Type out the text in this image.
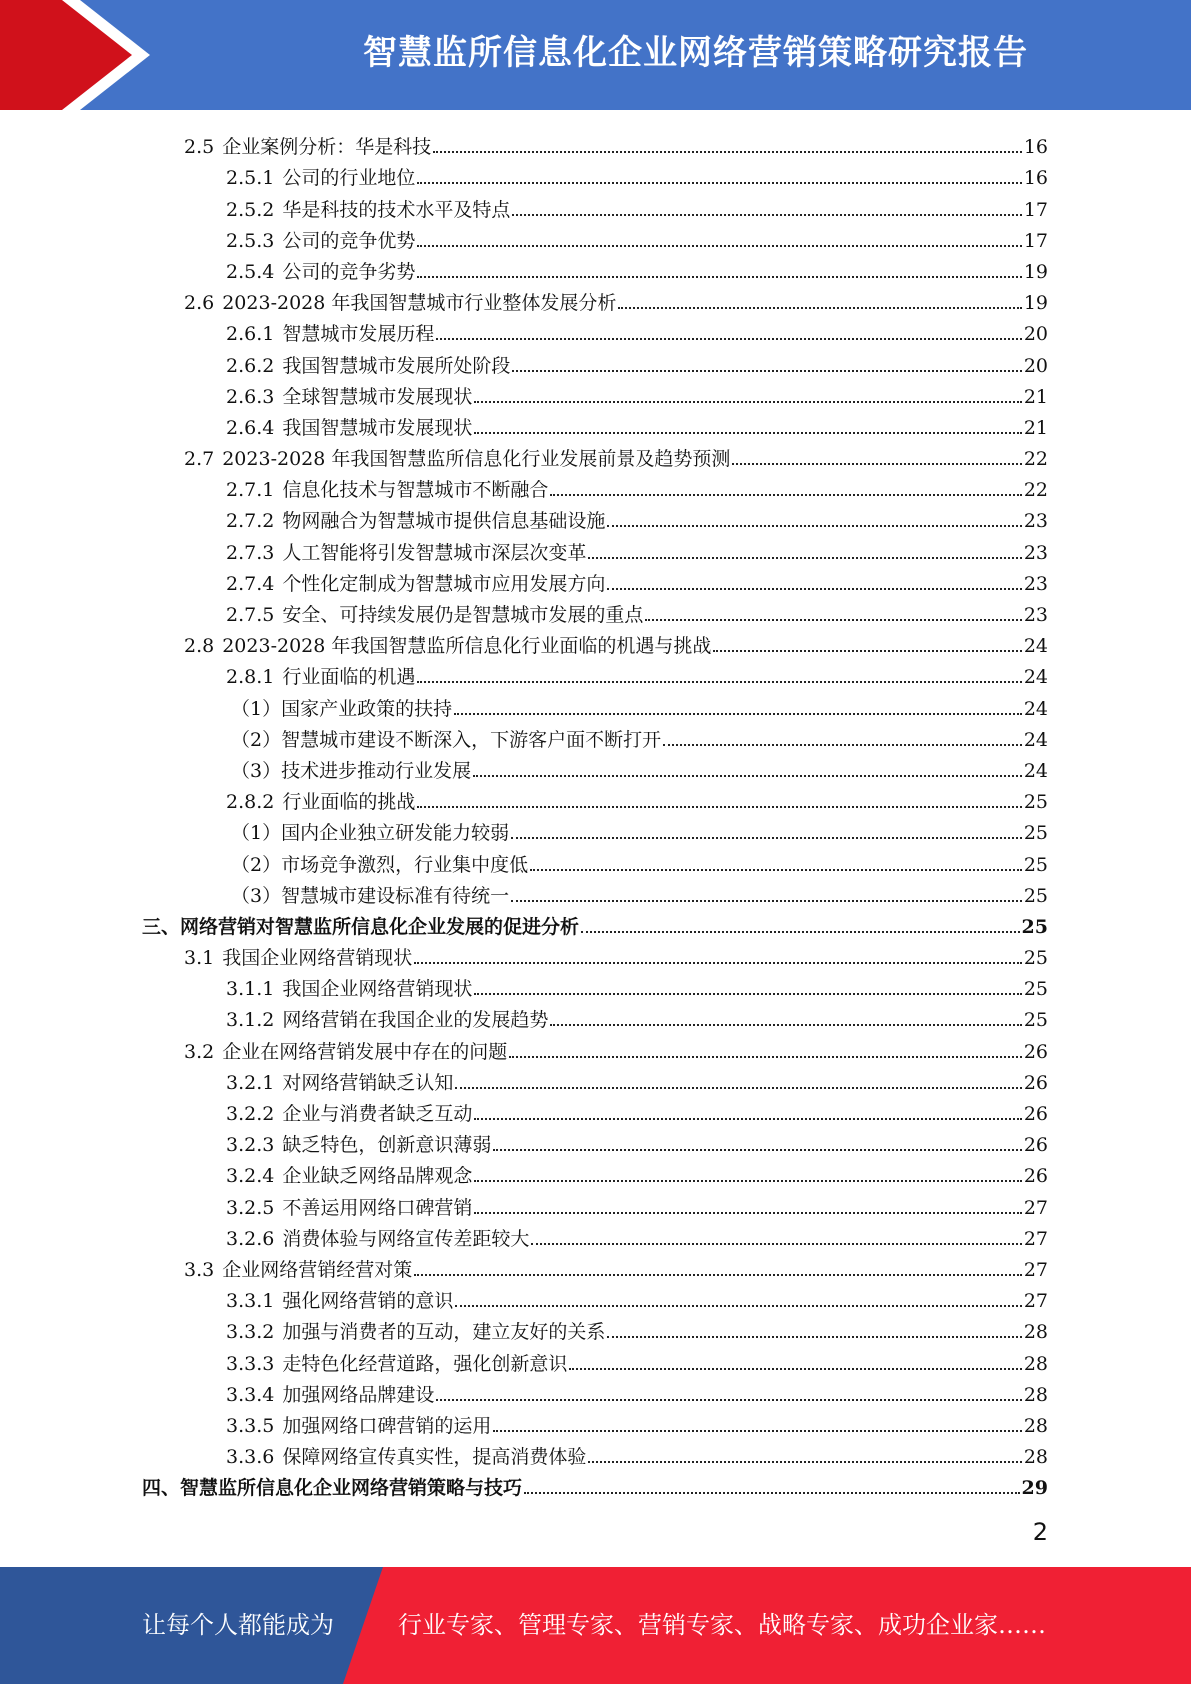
智慧监所信息化企业网络营销策略研究报告
2.5 企业案例分析：华是科技	16
2.5.1 公司的行业地位	16
2.5.2 华是科技的技术水平及特点	17
2.5.3 公司的竞争优势	17
2.5.4 公司的竞争劣势	19
2.6 2023-2028 年我国智慧城市行业整体发展分析	19
2.6.1 智慧城市发展历程	20
2.6.2 我国智慧城市发展所处阶段	20
2.6.3 全球智慧城市发展现状	21
2.6.4 我国智慧城市发展现状	21
2.7 2023-2028 年我国智慧监所信息化行业发展前景及趋势预测	22
2.7.1 信息化技术与智慧城市不断融合	22
2.7.2 物网融合为智慧城市提供信息基础设施	23
2.7.3 人工智能将引发智慧城市深层次变革	23
2.7.4 个性化定制成为智慧城市应用发展方向	23
2.7.5 安全、可持续发展仍是智慧城市发展的重点	23
2.8 2023-2028 年我国智慧监所信息化行业面临的机遇与挑战	24
2.8.1 行业面临的机遇	24
（1） 国家产业政策的扶持	24
（2） 智慧城市建设不断深入，下游客户面不断打开	24
（3） 技术进步推动行业发展	24
2.8.2 行业面临的挑战	25
（1） 国内企业独立研发能力较弱	25
（2） 市场竞争激烈，行业集中度低	25
（3） 智慧城市建设标准有待统一	25
三、 网络营销对智慧监所信息化企业发展的促进分析	25
3.1 我国企业网络营销现状	25
3.1.1 我国企业网络营销现状	25
3.1.2 网络营销在我国企业的发展趋势	25
3.2 企业在网络营销发展中存在的问题	26
3.2.1 对网络营销缺乏认知	26
3.2.2 企业与消费者缺乏互动	26
3.2.3 缺乏特色，创新意识薄弱	26
3.2.4 企业缺乏网络品牌观念	26
3.2.5 不善运用网络口碑营销	27
3.2.6 消费体验与网络宣传差距较大	27
3.3 企业网络营销经营对策	27
3.3.1 强化网络营销的意识	27
3.3.2 加强与消费者的互动，建立友好的关系	28
3.3.3 走特色化经营道路，强化创新意识	28
3.3.4 加强网络品牌建设	28
3.3.5 加强网络口碑营销的运用	28
3.3.6 保障网络宣传真实性，提高消费体验	28
四、 智慧监所信息化企业网络营销策略与技巧	29
2
让每个人都能成为	行业专家、管理专家、营销专家、战略专家、成功企业家……
